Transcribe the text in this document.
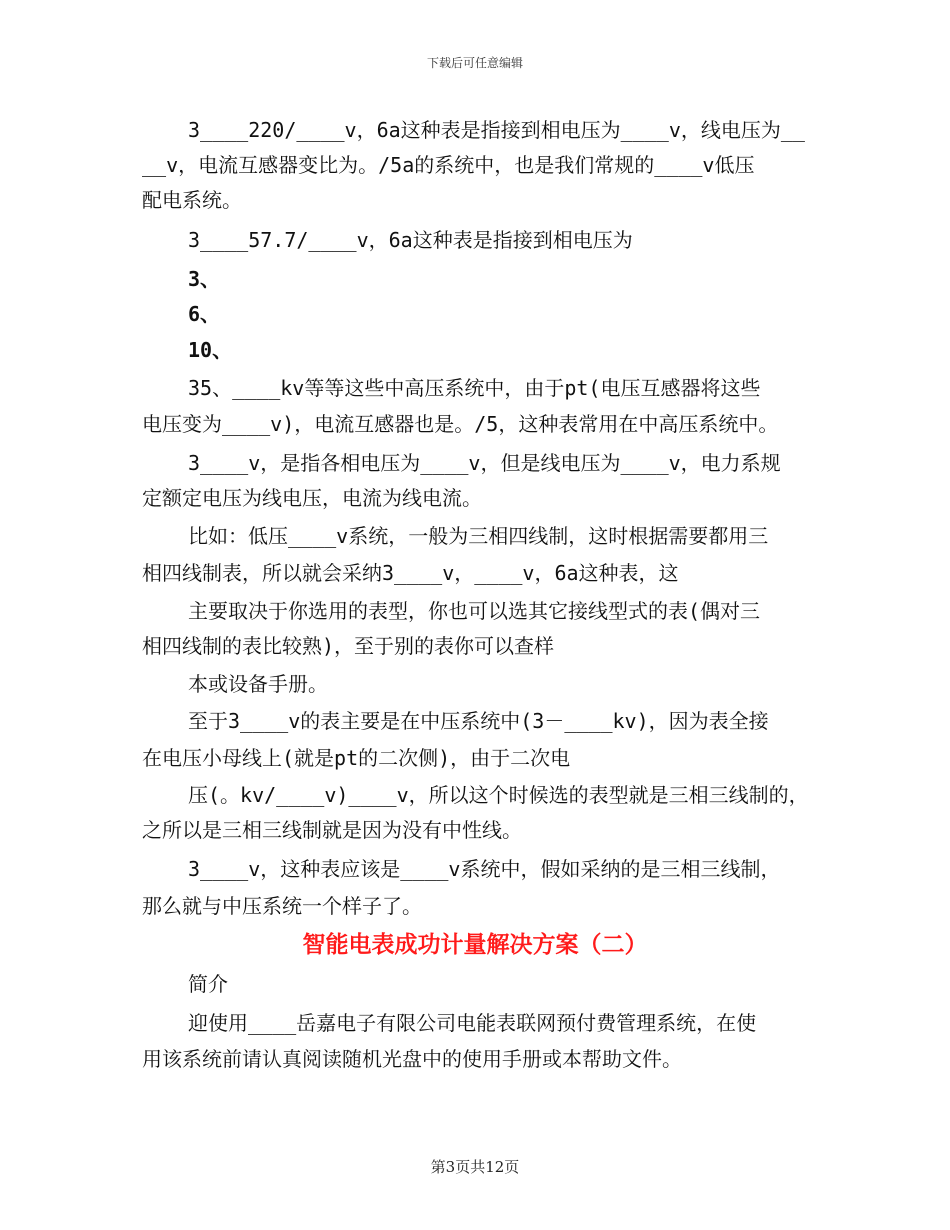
下载后可任意编辑
3____220/____v，6a这种表是指接到相电压为____v，线电压为__
__v，电流互感器变比为。/5a的系统中，也是我们常规的____v低压
配电系统。
3____57.7/____v，6a这种表是指接到相电压为
3、
6、
10、
35、____kv等等这些中高压系统中，由于pt(电压互感器将这些
电压变为____v)，电流互感器也是。/5，这种表常用在中高压系统中。
3____v，是指各相电压为____v，但是线电压为____v，电力系规
定额定电压为线电压，电流为线电流。
比如：低压____v系统，一般为三相四线制，这时根据需要都用三
相四线制表，所以就会采纳3____v，____v，6a这种表，这
主要取决于你选用的表型，你也可以选其它接线型式的表(偶对三
相四线制的表比较熟)，至于别的表你可以查样
本或设备手册。
至于3____v的表主要是在中压系统中(3－____kv)，因为表全接
在电压小母线上(就是pt的二次侧)，由于二次电
压(。kv/____v)____v，所以这个时候选的表型就是三相三线制的，
之所以是三相三线制就是因为没有中性线。
3____v，这种表应该是____v系统中，假如采纳的是三相三线制，
那么就与中压系统一个样子了。
智能电表成功计量解决方案（二）
简介
迎使用____岳嘉电子有限公司电能表联网预付费管理系统，在使
用该系统前请认真阅读随机光盘中的使用手册或本帮助文件。
第3页共12页
